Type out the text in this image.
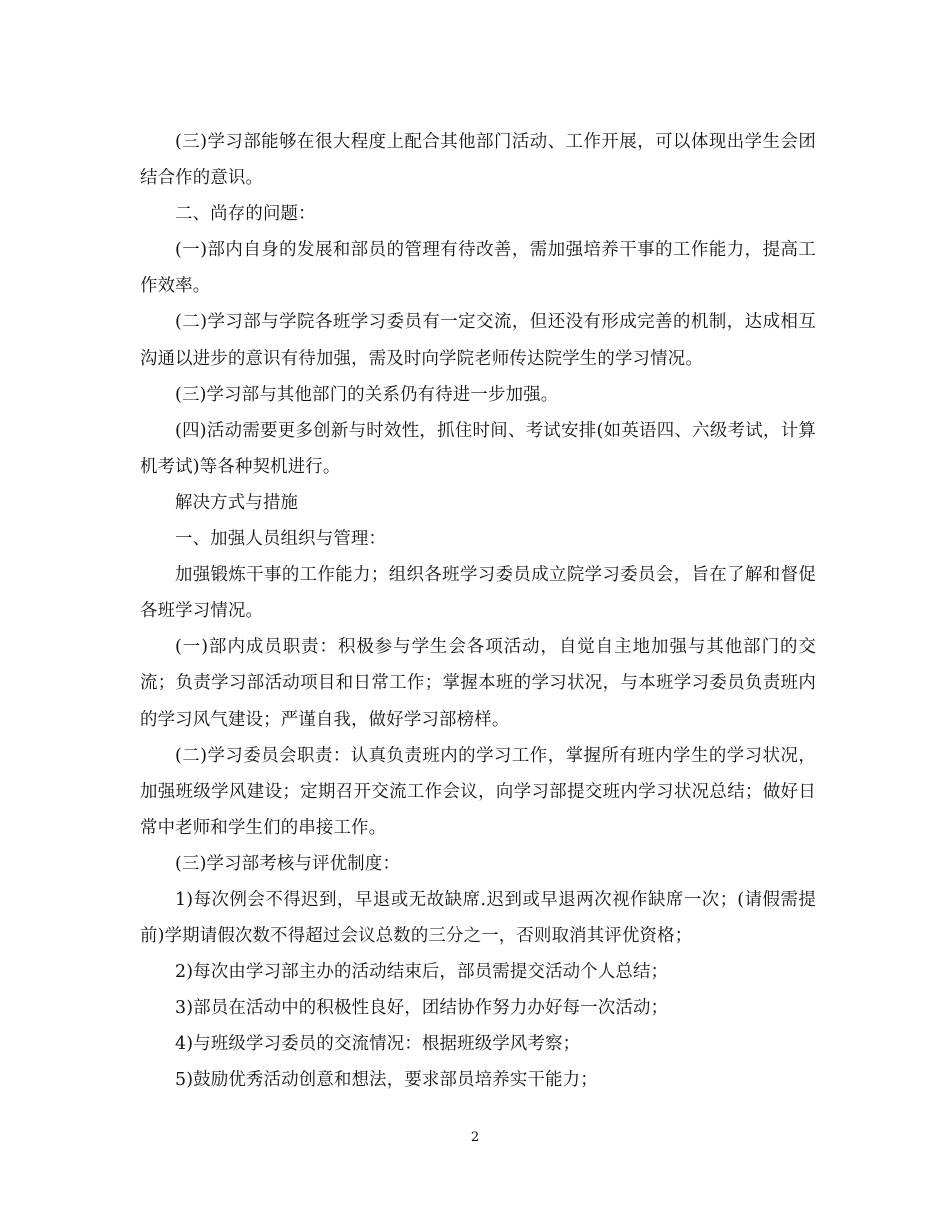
(三)学习部能够在很大程度上配合其他部门活动、工作开展，可以体现出学生会团结合作的意识。

二、尚存的问题：

(一)部内自身的发展和部员的管理有待改善，需加强培养干事的工作能力，提高工作效率。

(二)学习部与学院各班学习委员有一定交流，但还没有形成完善的机制，达成相互沟通以进步的意识有待加强，需及时向学院老师传达院学生的学习情况。

(三)学习部与其他部门的关系仍有待进一步加强。

(四)活动需要更多创新与时效性，抓住时间、考试安排(如英语四、六级考试，计算机考试)等各种契机进行。

解决方式与措施

一、加强人员组织与管理：

加强锻炼干事的工作能力；组织各班学习委员成立院学习委员会，旨在了解和督促各班学习情况。

(一)部内成员职责：积极参与学生会各项活动，自觉自主地加强与其他部门的交流；负责学习部活动项目和日常工作；掌握本班的学习状况，与本班学习委员负责班内的学习风气建设；严谨自我，做好学习部榜样。

(二)学习委员会职责：认真负责班内的学习工作，掌握所有班内学生的学习状况，加强班级学风建设；定期召开交流工作会议，向学习部提交班内学习状况总结；做好日常中老师和学生们的串接工作。

(三)学习部考核与评优制度：

1)每次例会不得迟到，早退或无故缺席.迟到或早退两次视作缺席一次；(请假需提前)学期请假次数不得超过会议总数的三分之一，否则取消其评优资格；

2)每次由学习部主办的活动结束后，部员需提交活动个人总结；

3)部员在活动中的积极性良好，团结协作努力办好每一次活动；

4)与班级学习委员的交流情况：根据班级学风考察；

5)鼓励优秀活动创意和想法，要求部员培养实干能力；

2
